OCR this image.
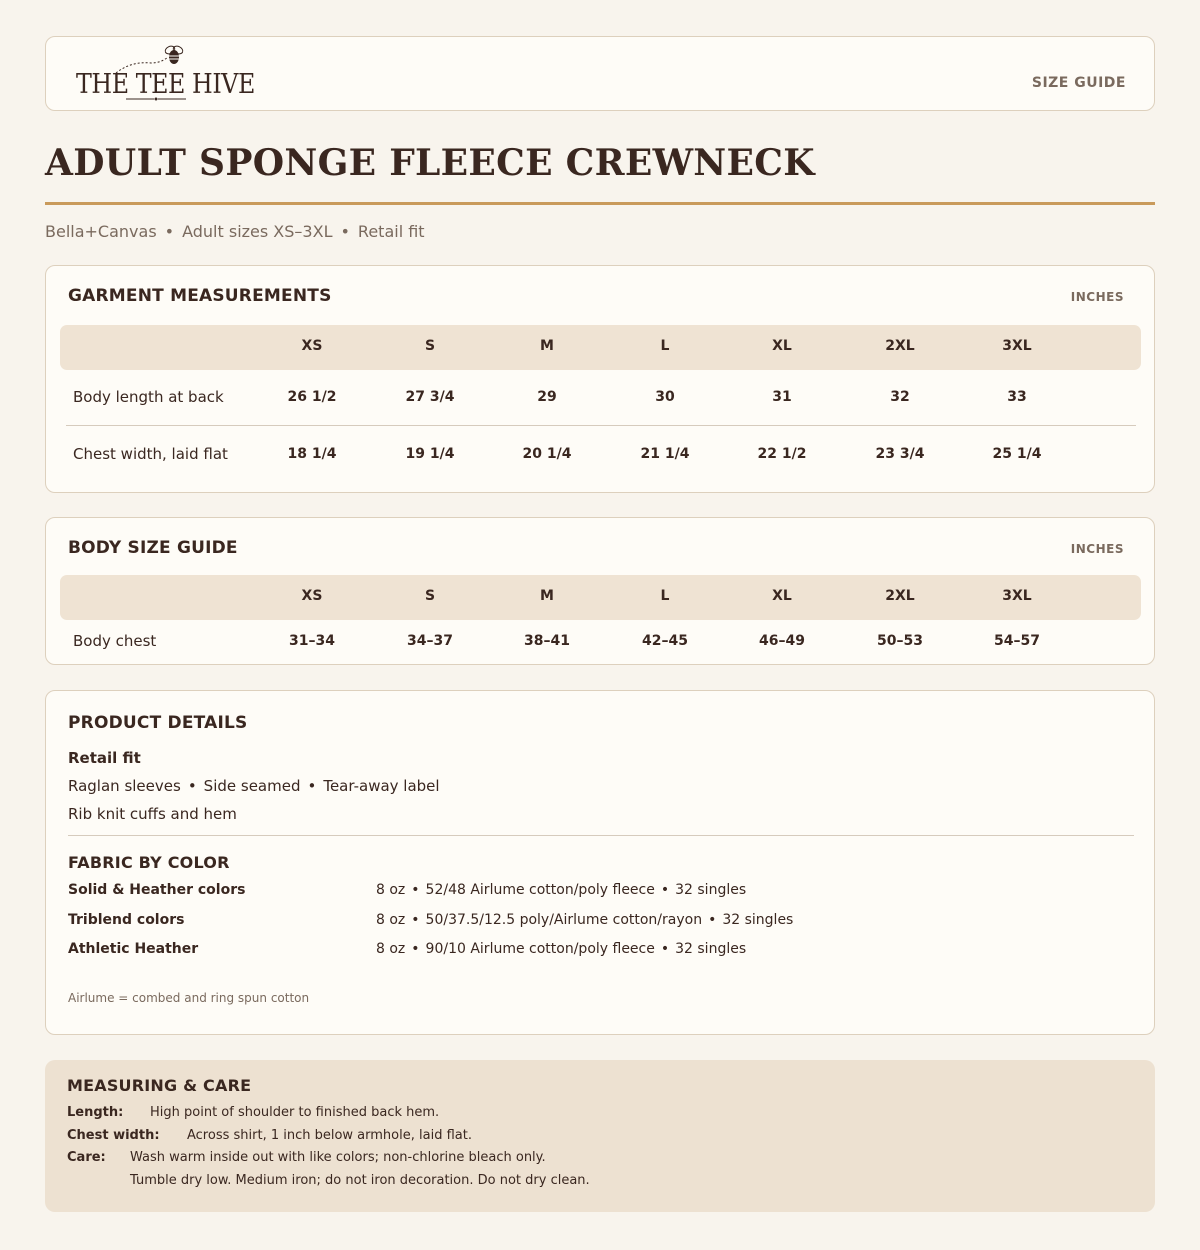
THE TEE HIVE	SIZE GUIDE
ADULT SPONGE FLEECE CREWNECK
Bella+Canvas • Adult sizes XS–3XL • Retail fit
GARMENT MEASUREMENTS	INCHES
XS	S	M	L	XL	2XL	3XL
Body length at back	26 1/2	27 3/4	29	30	31	32	33
Chest width, laid flat	18 1/4	19 1/4	20 1/4	21 1/4	22 1/2	23 3/4	25 1/4
BODY SIZE GUIDE	INCHES
XS	S	M	L	XL	2XL	3XL
Body chest	31–34	34–37	38–41	42–45	46–49	50–53	54–57
PRODUCT DETAILS
Retail fit
Raglan sleeves • Side seamed • Tear-away label
Rib knit cuffs and hem
FABRIC BY COLOR
Solid & Heather colors	8 oz • 52/48 Airlume cotton/poly fleece • 32 singles
Triblend colors	8 oz • 50/37.5/12.5 poly/Airlume cotton/rayon • 32 singles
Athletic Heather	8 oz • 90/10 Airlume cotton/poly fleece • 32 singles
Airlume = combed and ring spun cotton
MEASURING & CARE
Length: High point of shoulder to finished back hem.
Chest width: Across shirt, 1 inch below armhole, laid flat.
Care: Wash warm inside out with like colors; non-chlorine bleach only.
Tumble dry low. Medium iron; do not iron decoration. Do not dry clean.
